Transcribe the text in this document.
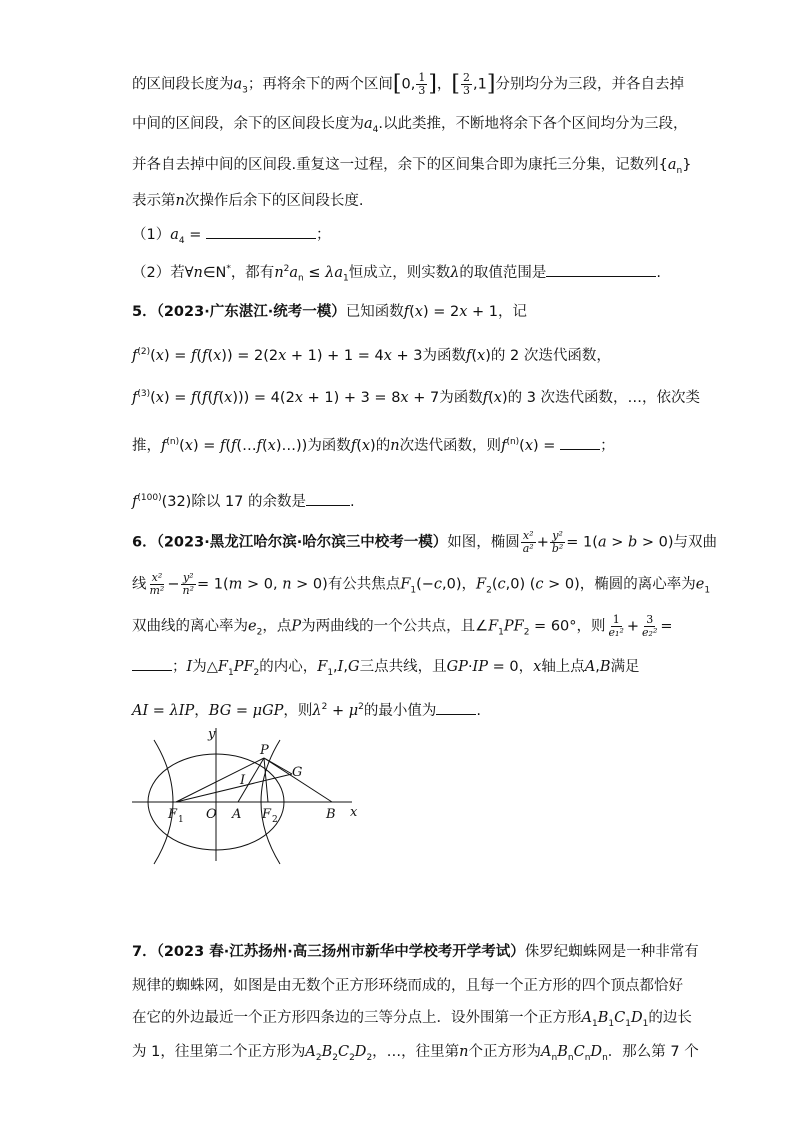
的区间段长度为$a_3$；再将余下的两个区间[0, $\frac{1}{3}$ ]，[ $\frac{2}{3} ,1$]分别均分为三段，并各自去掉
中间的区间段，余下的区间段长度为$a_4$.以此类推，不断地将余下各个区间均分为三段，
并各自去掉中间的区间段.重复这一过程，余下的区间集合即为康托三分集，记数列$\{a_n\}$
表示第n次操作后余下的区间段长度.
$(1)a_4$ =	；
（2）若∀n∈N*，都有$n^2a_n \le \lambda a_1$恒成立，则实数λ的取值范围是	.
5．（2023·广东湛江·统考一模）已知函数f(x) = 2x + 1，记
$f^{(2)}(x) = f(f(x)) = 2(2x + 1) + 1 = 4x + 3$为函数f(x)的 2 次迭代函数，
$f^{(3)}(x) = f(f(f(x))) = 4(2x + 1) + 3 = 8x + 7$为函数f(x)的 3 次迭代函数，…，依次类
推，$f^{(n)}(x)$ = f(f(…f(x)…))为函数f(x)的n次迭代函数，则$f^{(n)}(x)$ =	；
$f^{(100)}(32)$除以 17 的余数是	.
6．（2023·黑龙江哈尔滨·哈尔滨三中校考一模）如图，椭圆 $\frac{\text{x²}}{\text{a²}} + \frac{\text{y²}}{\text{b²}} = 1(a > b > 0)$与双曲
线 $\frac{\text{x²}}{\text{m²}} - \frac{\text{y²}}{\text{n²}} = 1(m > 0$, n > 0)有公共焦点$F_1(-c,0)$，$F_2(c,0) (c > 0)$，椭圆的离心率为$e_1$
双曲线的离心率为$e_2$，点P为两曲线的一个公共点，且$\angle F_1PF_2 = 60^\circ$，则 $\frac{1}{\text{e₁²}} + \frac{3}{\text{e₂²}}$ =
；I为$\triangle F_1PF_2$的内心，$F_1,I,G$三点共线，且GP·IP = 0，x轴上点A,B满足
AI = λIP，BG = μGP，则$\lambda^2 + \mu^2$的最小值为	.
y
x
P
G
I
F 1 O A F 2	B
7．（2023 春·江苏扬州·高三扬州市新华中学校考开学考试）侏罗纪蜘蛛网是一种非常有
规律的蜘蛛网，如图是由无数个正方形环绕而成的，且每一个正方形的四个顶点都恰好
在它的外边最近一个正方形四条边的三等分点上．设外围第一个正方形$A_1B_1C_1D_1$的边长
为 1，往里第二个正方形为$A_2B_2C_2D_2$，…，往里第n个正方形为$A_nB_nC_nD_n$．那么第 7 个
